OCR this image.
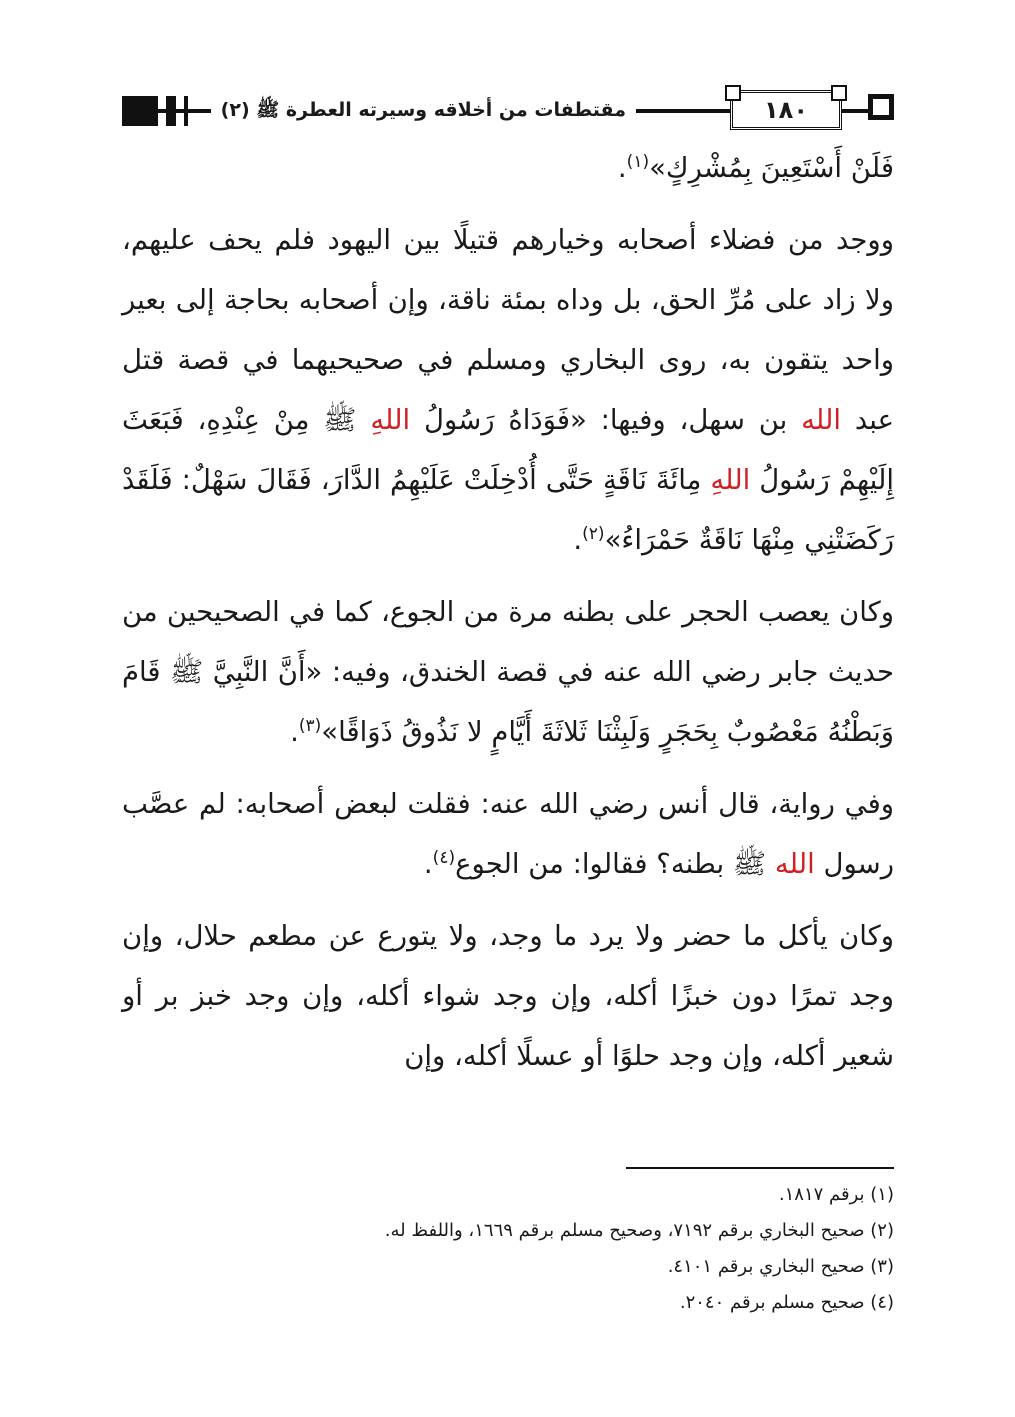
مقتطفات من أخلاقه وسيرته العطرة ﷺ (٢)	١٨٠

فَلَنْ أَسْتَعِينَ بِمُشْرِكٍ»$^{(١)}$.

ووجد من فضلاء أصحابه وخيارهم قتيلًا بين اليهود فلم يحف عليهم، ولا زاد على مُرِّ الحق، بل وداه بمئة ناقة، وإن أصحابه بحاجة إلى بعير واحد يتقون به، روى البخاري ومسلم في صحيحيهما في قصة قتل عبد الله بن سهل، وفيها: «فَوَدَاهُ رَسُولُ اللهِ ﷺ مِنْ عِنْدِهِ، فَبَعَثَ إِلَيْهِمْ رَسُولُ اللهِ مِائَةَ نَاقَةٍ حَتَّى أُدْخِلَتْ عَلَيْهِمُ الدَّارَ، فَقَالَ سَهْلٌ: فَلَقَدْ رَكَضَتْنِي مِنْهَا نَاقَةٌ حَمْرَاءُ»$^{(٢)}$.

وكان يعصب الحجر على بطنه مرة من الجوع، كما في الصحيحين من حديث جابر رضي الله عنه في قصة الخندق، وفيه: «أَنَّ النَّبِيَّ ﷺ قَامَ وَبَطْنُهُ مَعْصُوبٌ بِحَجَرٍ وَلَبِثْنَا ثَلاثَةَ أَيَّامٍ لا نَذُوقُ ذَوَاقًا»$^{(٣)}$.

وفي رواية، قال أنس رضي الله عنه: فقلت لبعض أصحابه: لم عصَّب رسول الله ﷺ بطنه؟ فقالوا: من الجوع$^{(٤)}$.

وكان يأكل ما حضر ولا يرد ما وجد، ولا يتورع عن مطعم حلال، وإن وجد تمرًا دون خبزًا أكله، وإن وجد شواء أكله، وإن وجد خبز بر أو شعير أكله، وإن وجد حلوًا أو عسلًا أكله، وإن

(١) برقم ١٨١٧.
(٢) صحيح البخاري برقم ٧١٩٢، وصحيح مسلم برقم ١٦٦٩، واللفظ له.
(٣) صحيح البخاري برقم ٤١٠١.
(٤) صحيح مسلم برقم ٢٠٤٠.
